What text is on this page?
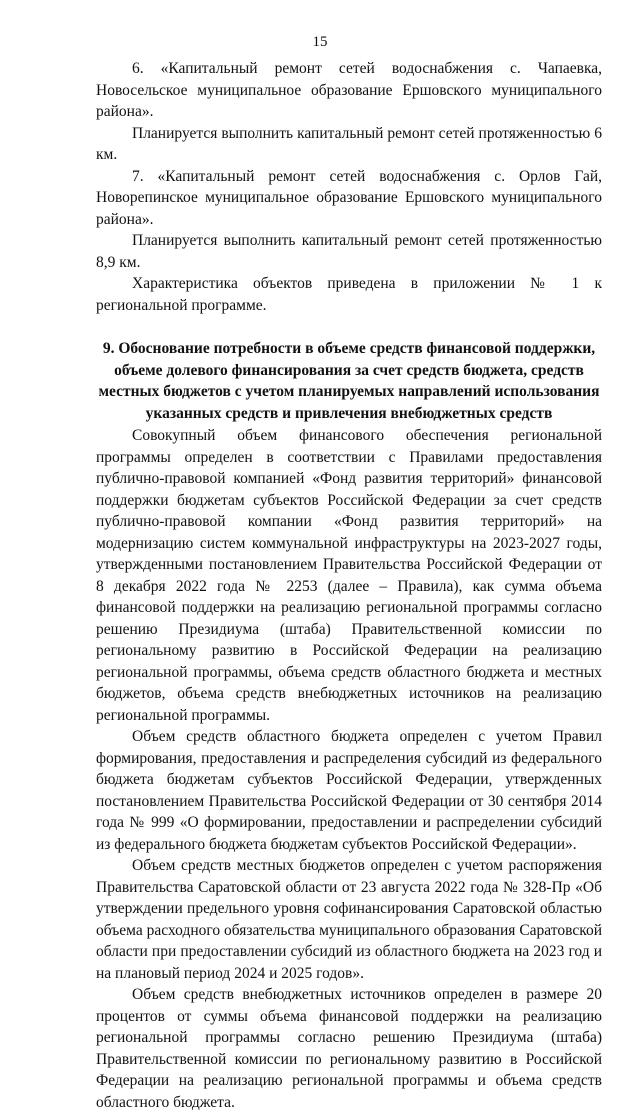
15

6. «Капитальный ремонт сетей водоснабжения с. Чапаевка, Новосельское муниципальное образование Ершовского муниципального района».

Планируется выполнить капитальный ремонт сетей протяженностью 6 км.

7. «Капитальный ремонт сетей водоснабжения с. Орлов Гай, Новорепинское муниципальное образование Ершовского муниципального района».

Планируется выполнить капитальный ремонт сетей протяженностью 8,9 км.

Характеристика объектов приведена в приложении № 1 к региональной программе.

9. Обоснование потребности в объеме средств финансовой поддержки, объеме долевого финансирования за счет средств бюджета, средств местных бюджетов с учетом планируемых направлений использования указанных средств и привлечения внебюджетных средств

Совокупный объем финансового обеспечения региональной программы определен в соответствии с Правилами предоставления публично-правовой компанией «Фонд развития территорий» финансовой поддержки бюджетам субъектов Российской Федерации за счет средств публично-правовой компании «Фонд развития территорий» на модернизацию систем коммунальной инфраструктуры на 2023-2027 годы, утвержденными постановлением Правительства Российской Федерации от 8 декабря 2022 года № 2253 (далее – Правила), как сумма объема финансовой поддержки на реализацию региональной программы согласно решению Президиума (штаба) Правительственной комиссии по региональному развитию в Российской Федерации на реализацию региональной программы, объема средств областного бюджета и местных бюджетов, объема средств внебюджетных источников на реализацию региональной программы.

Объем средств областного бюджета определен с учетом Правил формирования, предоставления и распределения субсидий из федерального бюджета бюджетам субъектов Российской Федерации, утвержденных постановлением Правительства Российской Федерации от 30 сентября 2014 года № 999 «О формировании, предоставлении и распределении субсидий из федерального бюджета бюджетам субъектов Российской Федерации».

Объем средств местных бюджетов определен с учетом распоряжения Правительства Саратовской области от 23 августа 2022 года № 328-Пр «Об утверждении предельного уровня софинансирования Саратовской областью объема расходного обязательства муниципального образования Саратовской области при предоставлении субсидий из областного бюджета на 2023 год и на плановый период 2024 и 2025 годов».

Объем средств внебюджетных источников определен в размере 20 процентов от суммы объема финансовой поддержки на реализацию региональной программы согласно решению Президиума (штаба) Правительственной комиссии по региональному развитию в Российской Федерации на реализацию региональной программы и объема средств областного бюджета.
